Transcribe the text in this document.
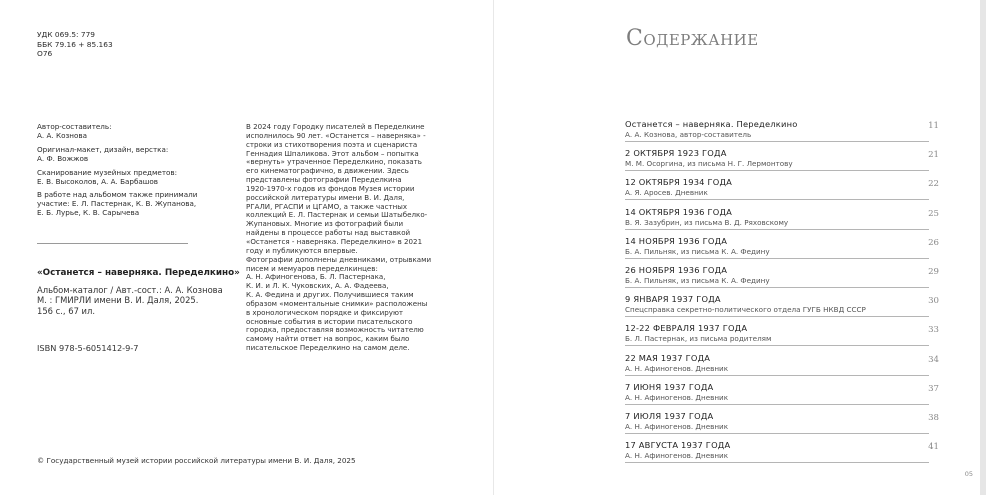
УДК 069.5: 779
ББК 79.16 + 85.163
О76
Автор-составитель:
А. А. Кознова
Оригинал-макет, дизайн, верстка:
А. Ф. Вожжов
Сканирование музейных предметов:
Е. В. Высоколов, А. А. Барбашов
В работе над альбомом также принимали
участие: Е. Л. Пастернак, К. В. Жупанова,
Е. Б. Лурье, К. В. Сарычева
«Останется – наверняка. Переделкино»
Альбом-каталог / Авт.-сост.: А. А. Кознова
М. : ГМИРЛИ имени В. И. Даля, 2025.
156 с., 67 ил.
ISBN 978-5-6051412-9-7
В 2024 году Городку писателей в Переделкине
исполнилось 90 лет. «Останется – наверняка» -
строки из стихотворения поэта и сценариста
Геннадия Шпаликова. Этот альбом – попытка
«вернуть» утраченное Переделкино, показать
его кинематографично, в движении. Здесь
представлены фотографии Переделкина
1920-1970-х годов из фондов Музея истории
российской литературы имени В. И. Даля,
РГАЛИ, РГАСПИ и ЦГАМО, а также частных
коллекций Е. Л. Пастернак и семьи Шатыбелко-
Жупановых. Многие из фотографий были
найдены в процессе работы над выставкой
«Останется - наверняка. Переделкино» в 2021
году и публикуются впервые.
Фотографии дополнены дневниками, отрывками
писем и мемуаров переделкинцев:
А. Н. Афиногенова, Б. Л. Пастернака,
К. И. и Л. К. Чуковских, А. А. Фадеева,
К. А. Федина и других. Получившиеся таким
образом «моментальные снимки» расположены
в хронологическом порядке и фиксируют
основные события в истории писательского
городка, предоставляя возможность читателю
самому найти ответ на вопрос, каким было
писательское Переделкино на самом деле.
© Государственный музей истории российской литературы имени В. И. Даля, 2025
Содержание
Останется – наверняка. Переделкино
А. А. Кознова, автор-составитель
11
2 ОКТЯБРЯ 1923 ГОДА
М. М. Осоргина, из письма Н. Г. Лермонтову
21
12 ОКТЯБРЯ 1934 ГОДА
А. Я. Аросев. Дневник
22
14 ОКТЯБРЯ 1936 ГОДА
В. Я. Зазубрин, из письма В. Д. Ряховскому
25
14 НОЯБРЯ 1936 ГОДА
Б. А. Пильняк, из письма К. А. Федину
26
26 НОЯБРЯ 1936 ГОДА
Б. А. Пильняк, из письма К. А. Федину
29
9 ЯНВАРЯ 1937 ГОДА
Спецсправка секретно-политического отдела ГУГБ НКВД СССР
30
12-22 ФЕВРАЛЯ 1937 ГОДА
Б. Л. Пастернак, из письма родителям
33
22 МАЯ 1937 ГОДА
А. Н. Афиногенов. Дневник
34
7 ИЮНЯ 1937 ГОДА
А. Н. Афиногенов. Дневник
37
7 ИЮЛЯ 1937 ГОДА
А. Н. Афиногенов. Дневник
38
17 АВГУСТА 1937 ГОДА
А. Н. Афиногенов. Дневник
41
05
